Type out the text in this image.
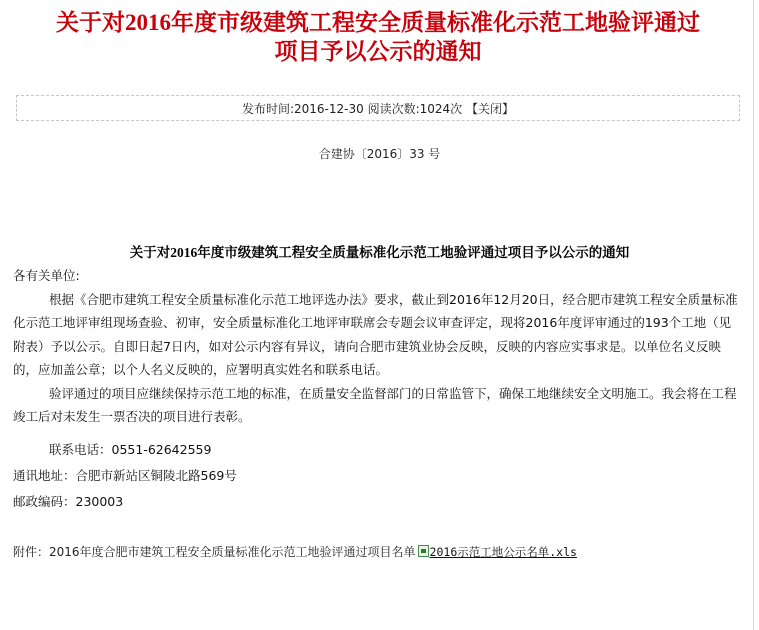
关于对2016年度市级建筑工程安全质量标准化示范工地验评通过
项目予以公示的通知
发布时间:2016-12-30 阅读次数:1024次 【关闭】
合建协〔2016〕33 号
关于对2016年度市级建筑工程安全质量标准化示范工地验评通过项目予以公示的通知

各有关单位:

根据《合肥市建筑工程安全质量标准化示范工地评选办法》要求，截止到2016年12月20日，经合肥市建筑工程安全质量标准化示范工地评审组现场查验、初审，安全质量标准化工地评审联席会专题会议审查评定，现将2016年度评审通过的193个工地（见附表）予以公示。自即日起7日内，如对公示内容有异议，请向合肥市建筑业协会反映，反映的内容应实事求是。以单位名义反映的，应加盖公章；以个人名义反映的，应署明真实姓名和联系电话。

验评通过的项目应继续保持示范工地的标准，在质量安全监督部门的日常监管下，确保工地继续安全文明施工。我会将在工程竣工后对未发生一票否决的项目进行表彰。

联系电话：0551-62642559
通讯地址：合肥市新站区铜陵北路569号
邮政编码：230003
附件：2016年度合肥市建筑工程安全质量标准化示范工地验评通过项目名单 2016示范工地公示名单.xls
